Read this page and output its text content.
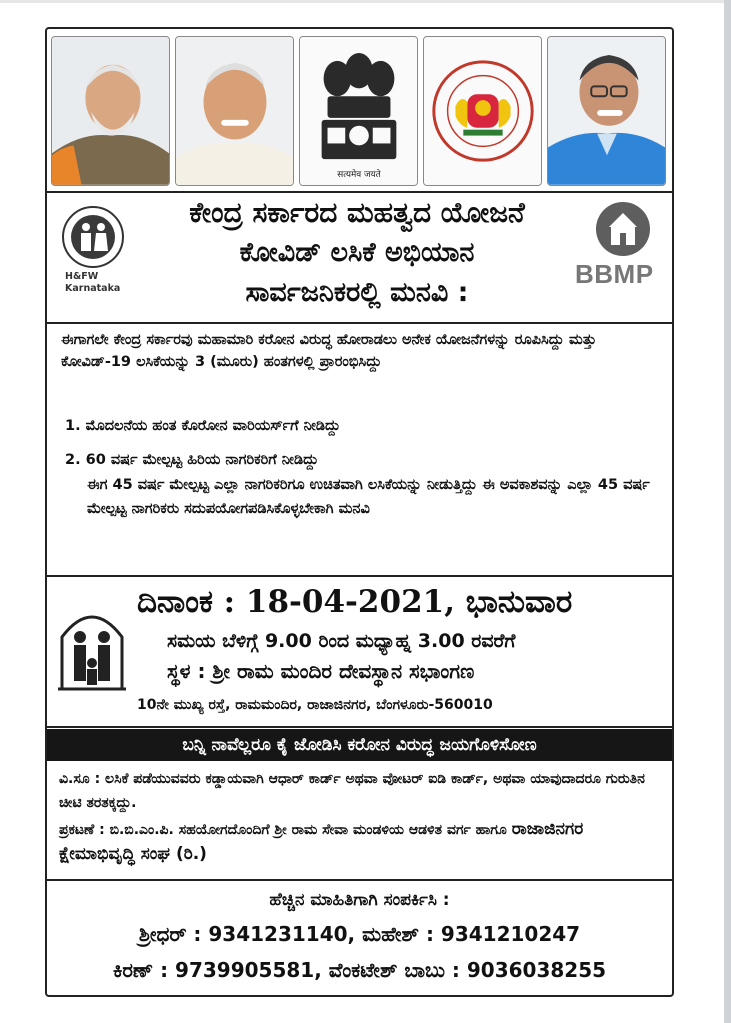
सत्यमेव जयते
H&FW
Karnataka
ಕೇಂದ್ರ ಸರ್ಕಾರದ ಮಹತ್ವದ ಯೋಜನೆ
ಕೋವಿಡ್ ಲಸಿಕೆ ಅಭಿಯಾನ
ಸಾರ್ವಜನಿಕರಲ್ಲಿ ಮನವಿ :
BBMP
ಈಗಾಗಲೇ ಕೇಂದ್ರ ಸರ್ಕಾರವು ಮಹಾಮಾರಿ ಕರೋನ ವಿರುದ್ಧ ಹೋರಾಡಲು ಅನೇಕ ಯೋಜನೆಗಳನ್ನು ರೂಪಿಸಿದ್ದು ಮತ್ತು ಕೋವಿಡ್-19 ಲಸಿಕೆಯನ್ನು 3 (ಮೂರು) ಹಂತಗಳಲ್ಲಿ ಪ್ರಾರಂಭಿಸಿದ್ದು
1. ಮೊದಲನೆಯ ಹಂತ ಕೊರೋನ ವಾರಿಯರ್ಸ್‌ಗೆ ನೀಡಿದ್ದು
2. 60 ವರ್ಷ ಮೇಲ್ಪಟ್ಟ ಹಿರಿಯ ನಾಗರಿಕರಿಗೆ ನೀಡಿದ್ದು
ಈಗ 45 ವರ್ಷ ಮೇಲ್ಪಟ್ಟ ಎಲ್ಲಾ ನಾಗರಿಕರಿಗೂ ಉಚಿತವಾಗಿ ಲಸಿಕೆಯನ್ನು ನೀಡುತ್ತಿದ್ದು ಈ ಅವಕಾಶವನ್ನು ಎಲ್ಲಾ 45 ವರ್ಷ ಮೇಲ್ಪಟ್ಟ ನಾಗರಿಕರು ಸದುಪಯೋಗಪಡಿಸಿಕೊಳ್ಳಬೇಕಾಗಿ ಮನವಿ
ದಿನಾಂಕ : 18-04-2021, ಭಾನುವಾರ
ಸಮಯ ಬೆಳಿಗ್ಗೆ 9.00 ರಿಂದ ಮಧ್ಯಾಹ್ನ 3.00 ರವರೆಗೆ
ಸ್ಥಳ : ಶ್ರೀ ರಾಮ ಮಂದಿರ ದೇವಸ್ಥಾನ ಸಭಾಂಗಣ
10ನೇ ಮುಖ್ಯ ರಸ್ತೆ, ರಾಮಮಂದಿರ, ರಾಜಾಜಿನಗರ, ಬೆಂಗಳೂರು-560010
ಬನ್ನಿ ನಾವೆಲ್ಲರೂ ಕೈ ಜೋಡಿಸಿ ಕರೋನ ವಿರುದ್ಧ ಜಯಗೊಳಿಸೋಣ
ವಿ.ಸೂ : ಲಸಿಕೆ ಪಡೆಯುವವರು ಕಡ್ಡಾಯವಾಗಿ ಆಧಾರ್ ಕಾರ್ಡ್ ಅಥವಾ ವೋಟರ್ ಐಡಿ ಕಾರ್ಡ್, ಅಥವಾ ಯಾವುದಾದರೂ ಗುರುತಿನ ಚೀಟಿ ತರತಕ್ಕದ್ದು.
ಪ್ರಕಟಣೆ : ಬಿ.ಬಿ.ಎಂ.ಪಿ. ಸಹಯೋಗದೊಂದಿಗೆ ಶ್ರೀ ರಾಮ ಸೇವಾ ಮಂಡಳಿಯ ಆಡಳಿತ ವರ್ಗ ಹಾಗೂ ರಾಜಾಜಿನಗರ ಕ್ಷೇಮಾಭಿವೃದ್ಧಿ ಸಂಘ (ರಿ.)
ಹೆಚ್ಚಿನ ಮಾಹಿತಿಗಾಗಿ ಸಂಪರ್ಕಿಸಿ :
ಶ್ರೀಧರ್ : 9341231140, ಮಹೇಶ್ : 9341210247
ಕಿರಣ್ : 9739905581, ವೆಂಕಟೇಶ್ ಬಾಬು : 9036038255
